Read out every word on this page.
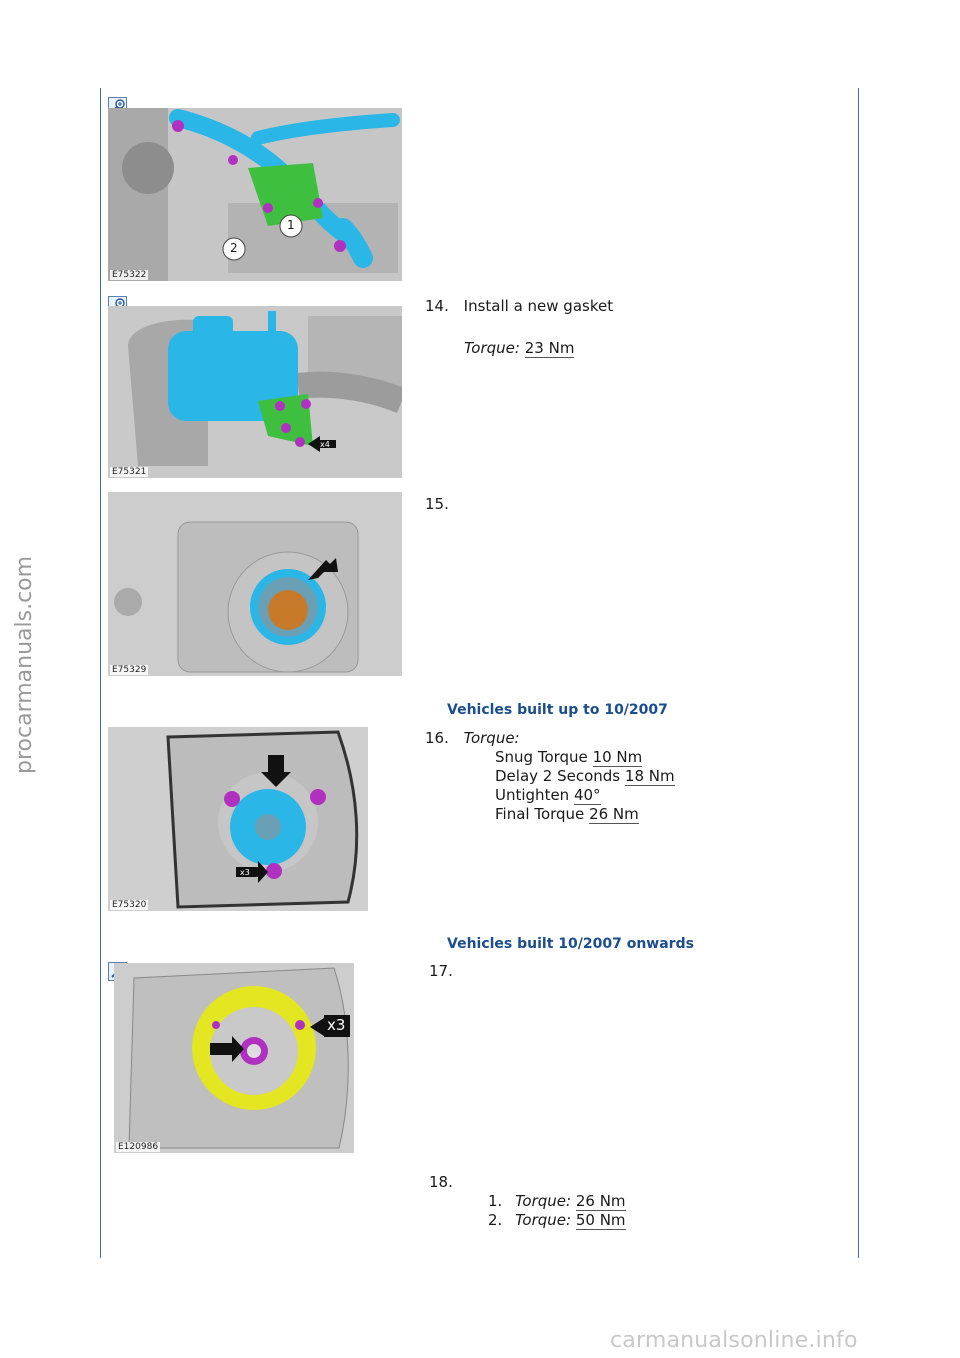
procarmanuals.com
carmanualsonline.info
1
2
E75322
x4
E75321
14. Install a new gasket
Torque: 23 Nm
E75329
15.
Vehicles built up to 10/2007
x3
E75320
16. Torque:
Snug Torque 10 Nm
Delay 2 Seconds 18 Nm
Untighten 40°
Final Torque 26 Nm
Vehicles built 10/2007 onwards
x3
E120986
17.
18.
1. Torque: 26 Nm
2. Torque: 50 Nm
